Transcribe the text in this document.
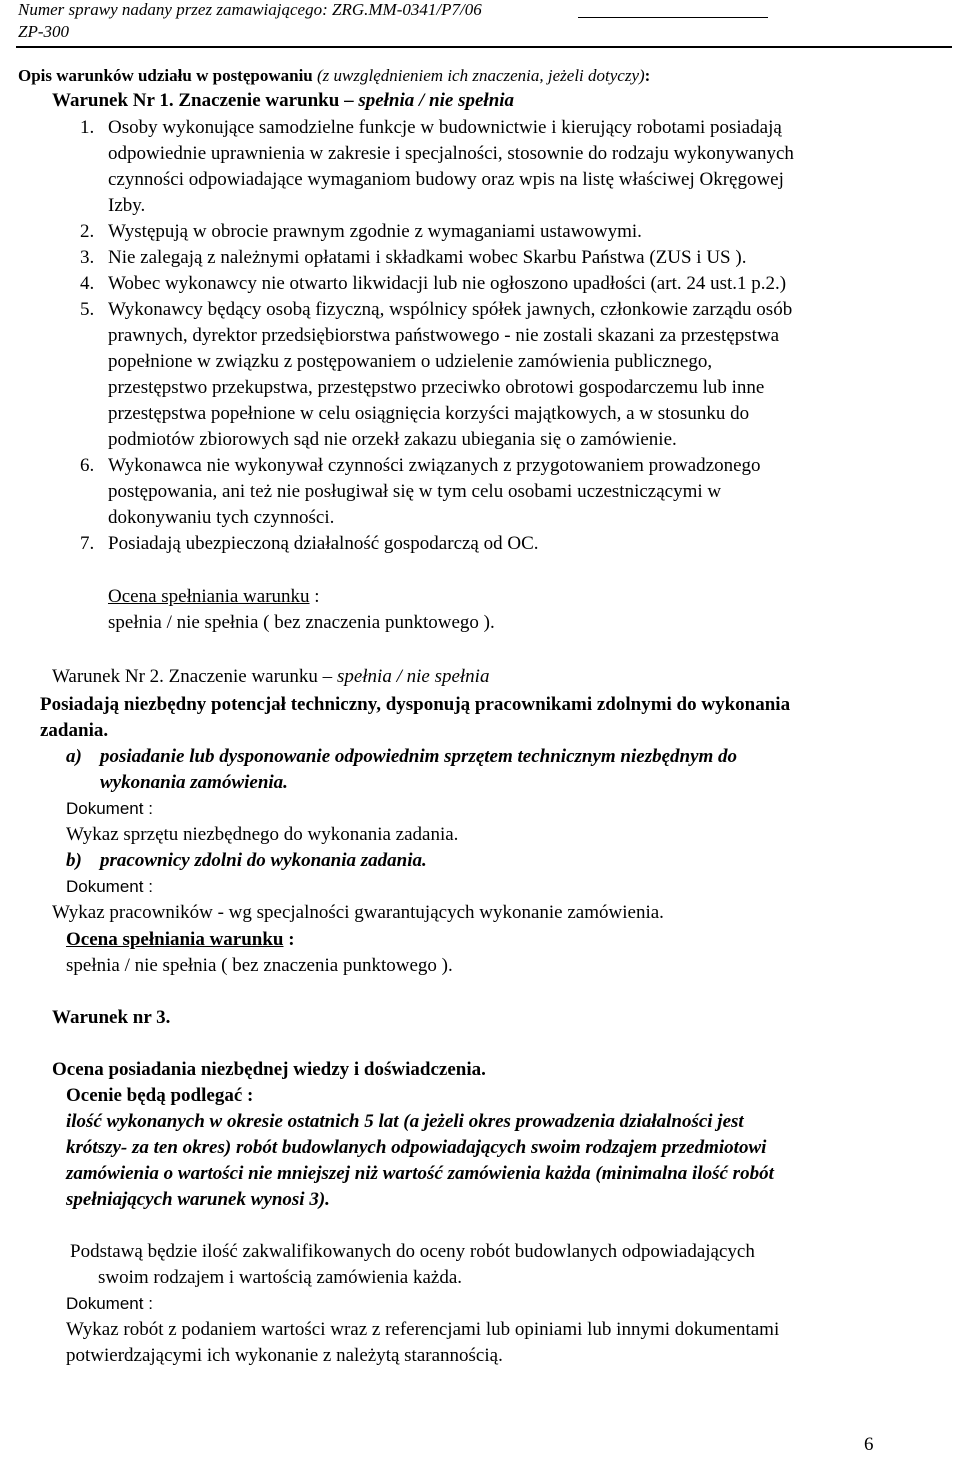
Numer sprawy nadany przez zamawiającego: ZRG.MM-0341/P7/06
ZP-300
Opis warunków udziału w postępowaniu (z uwzględnieniem ich znaczenia, jeżeli dotyczy):
Warunek Nr 1. Znaczenie warunku – spełnia / nie spełnia
1. Osoby wykonujące samodzielne funkcje w budownictwie i kierujący robotami posiadają
odpowiednie uprawnienia w zakresie i specjalności, stosownie do rodzaju wykonywanych
czynności odpowiadające wymaganiom budowy oraz wpis na listę właściwej Okręgowej
Izby.
2. Występują w obrocie prawnym zgodnie z wymaganiami ustawowymi.
3. Nie zalegają z należnymi opłatami i składkami wobec Skarbu Państwa (ZUS i US ).
4. Wobec wykonawcy nie otwarto likwidacji lub nie ogłoszono upadłości (art. 24 ust.1 p.2.)
5. Wykonawcy będący osobą fizyczną, wspólnicy spółek jawnych, członkowie zarządu osób
prawnych, dyrektor przedsiębiorstwa państwowego - nie zostali skazani za przestępstwa
popełnione w związku z postępowaniem o udzielenie zamówienia publicznego,
przestępstwo przekupstwa, przestępstwo przeciwko obrotowi gospodarczemu lub inne
przestępstwa popełnione w celu osiągnięcia korzyści majątkowych, a w stosunku do
podmiotów zbiorowych sąd nie orzekł zakazu ubiegania się o zamówienie.
6. Wykonawca nie wykonywał czynności związanych z przygotowaniem prowadzonego
postępowania, ani też nie posługiwał się w tym celu osobami uczestniczącymi w
dokonywaniu tych czynności.
7. Posiadają ubezpieczoną działalność gospodarczą od OC.
Ocena spełniania warunku :
spełnia / nie spełnia ( bez znaczenia punktowego ).
Warunek Nr 2. Znaczenie warunku – spełnia / nie spełnia
Posiadają niezbędny potencjał techniczny, dysponują pracownikami zdolnymi do wykonania
zadania.
a) posiadanie lub dysponowanie odpowiednim sprzętem technicznym niezbędnym do
wykonania zamówienia.
Dokument :
Wykaz sprzętu niezbędnego do wykonania zadania.
b) pracownicy zdolni do wykonania zadania.
Dokument :
Wykaz pracowników - wg specjalności gwarantujących wykonanie zamówienia.
Ocena spełniania warunku :
spełnia / nie spełnia ( bez znaczenia punktowego ).
Warunek nr 3.
Ocena posiadania niezbędnej wiedzy i doświadczenia.
Ocenie będą podlegać :
ilość wykonanych w okresie ostatnich 5 lat (a jeżeli okres prowadzenia działalności jest
krótszy- za ten okres) robót budowlanych odpowiadających swoim rodzajem przedmiotowi
zamówienia o wartości nie mniejszej niż wartość zamówienia każda (minimalna ilość robót
spełniających warunek wynosi 3).
Podstawą będzie ilość zakwalifikowanych do oceny robót budowlanych odpowiadających
swoim rodzajem i wartością zamówienia każda.
Dokument :
Wykaz robót z podaniem wartości wraz z referencjami lub opiniami lub innymi dokumentami
potwierdzającymi ich wykonanie z należytą starannością.
6
